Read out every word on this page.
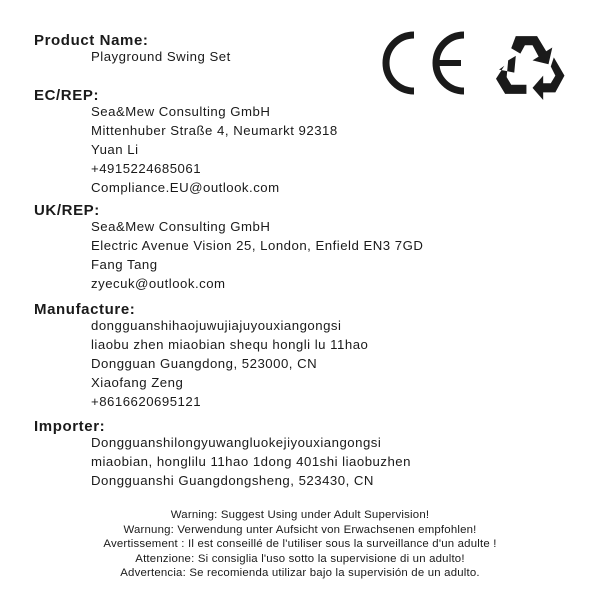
Product Name:
Playground Swing Set
EC/REP:
Sea&Mew Consulting GmbH
Mittenhuber Straße 4, Neumarkt 92318
Yuan Li
+4915224685061
Compliance.EU@outlook.com
UK/REP:
Sea&Mew Consulting GmbH
Electric Avenue Vision 25, London, Enfield EN3 7GD
Fang Tang
zyecuk@outlook.com
Manufacture:
dongguanshihaojuwujiajuyouxiangongsi
liaobu zhen miaobian shequ hongli lu 11hao
Dongguan Guangdong, 523000, CN
Xiaofang Zeng
+8616620695121
Importer:
Dongguanshilongyuwangluokejiyouxiangongsi
miaobian, honglilu 11hao 1dong 401shi liaobuzhen
Dongguanshi Guangdongsheng, 523430, CN
Warning: Suggest Using under Adult Supervision!
Warnung: Verwendung unter Aufsicht von Erwachsenen empfohlen!
Avertissement : Il est conseillé de l'utiliser sous la surveillance d'un adulte !
Attenzione: Si consiglia l'uso sotto la supervisione di un adulto!
Advertencia: Se recomienda utilizar bajo la supervisión de un adulto.
